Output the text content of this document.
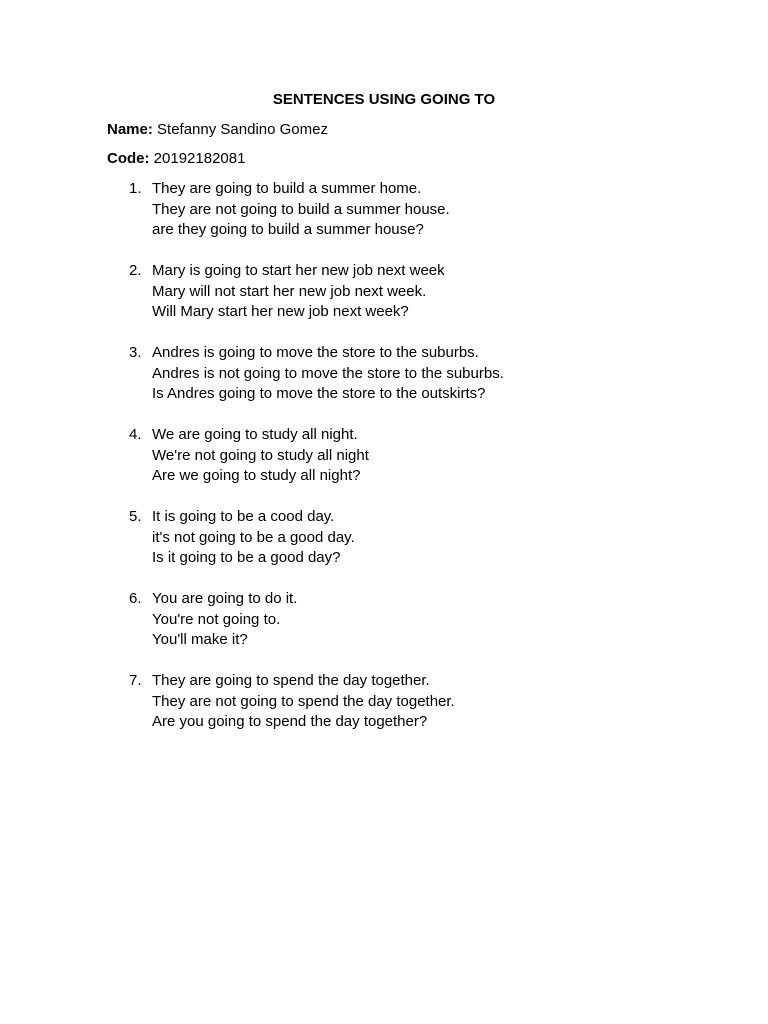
SENTENCES USING GOING TO
Name: Stefanny Sandino Gomez
Code: 20192182081
1. They are going to build a summer home.
They are not going to build a summer house.
are they going to build a summer house?
2. Mary is going to start her new job next week
Mary will not start her new job next week.
Will Mary start her new job next week?
3. Andres is going to move the store to the suburbs.
Andres is not going to move the store to the suburbs.
Is Andres going to move the store to the outskirts?
4. We are going to study all night.
We're not going to study all night
Are we going to study all night?
5. It is going to be a cood day.
it's not going to be a good day.
Is it going to be a good day?
6. You are going to do it.
You're not going to.
You'll make it?
7. They are going to spend the day together.
They are not going to spend the day together.
Are you going to spend the day together?
